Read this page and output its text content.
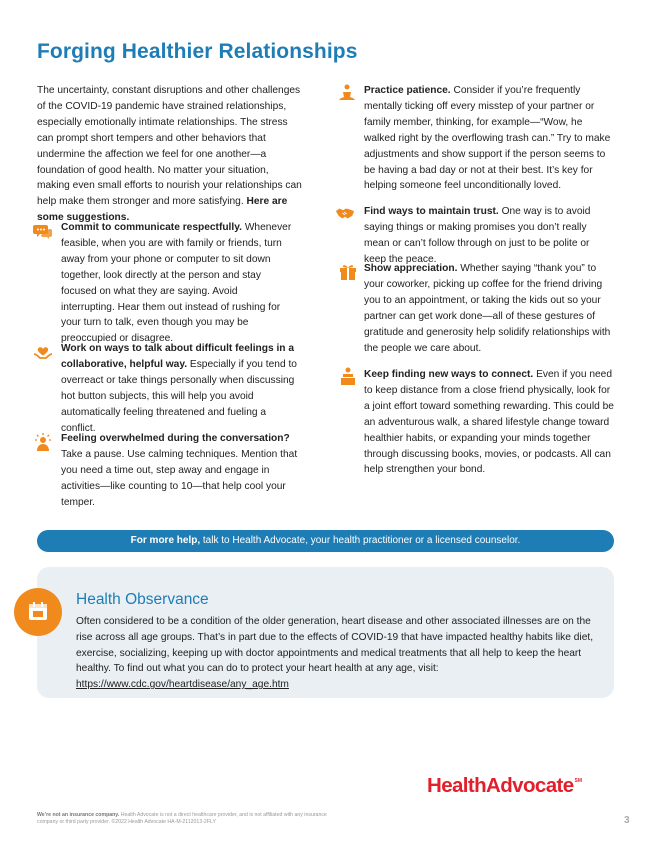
Forging Healthier Relationships
The uncertainty, constant disruptions and other challenges of the COVID-19 pandemic have strained relationships, especially emotionally intimate relationships. The stress can prompt short tempers and other behaviors that undermine the affection we feel for one another—a foundation of good health. No matter your situation, making even small efforts to nourish your relationships can help make them stronger and more satisfying. Here are some suggestions.
Commit to communicate respectfully. Whenever feasible, when you are with family or friends, turn away from your phone or computer to sit down together, look directly at the person and stay focused on what they are saying. Avoid interrupting. Hear them out instead of rushing for your turn to talk, even though you may be preoccupied or disagree.
Work on ways to talk about difficult feelings in a collaborative, helpful way. Especially if you tend to overreact or take things personally when discussing hot button subjects, this will help you avoid automatically feeling threatened and fueling a conflict.
Feeling overwhelmed during the conversation? Take a pause. Use calming techniques. Mention that you need a time out, step away and engage in activities—like counting to 10—that help cool your temper.
Practice patience. Consider if you’re frequently mentally ticking off every misstep of your partner or family member, thinking, for example—“Wow, he walked right by the overflowing trash can.” Try to make adjustments and show support if the person seems to be having a bad day or not at their best. It’s key for helping someone feel unconditionally loved.
Find ways to maintain trust. One way is to avoid saying things or making promises you don’t really mean or can’t follow through on just to be polite or keep the peace.
Show appreciation. Whether saying “thank you” to your coworker, picking up coffee for the friend driving you to an appointment, or taking the kids out so your partner can get work done—all of these gestures of gratitude and generosity help solidify relationships with the people we care about.
Keep finding new ways to connect. Even if you need to keep distance from a close friend physically, look for a joint effort toward something rewarding. This could be an adventurous walk, a shared lifestyle change toward healthier habits, or expanding your minds together through discussing books, movies, or podcasts. All can help strengthen your bond.
For more help, talk to Health Advocate, your health practitioner or a licensed counselor.
Health Observance
Often considered to be a condition of the older generation, heart disease and other associated illnesses are on the rise across all age groups. That’s in part due to the effects of COVID-19 that have impacted healthy habits like diet, exercise, socializing, keeping up with doctor appointments and medical treatments that all help to keep the heart healthy. To find out what you can do to protect your heart health at any age, visit: https://www.cdc.gov/heartdisease/any_age.htm
HealthAdvocate℠
We’re not an insurance company. Health Advocate is not a direct healthcare provider, and is not affiliated with any insurance company or third party provider. ©2022 Health Advocate HA-M-2112013-2FLY	3
